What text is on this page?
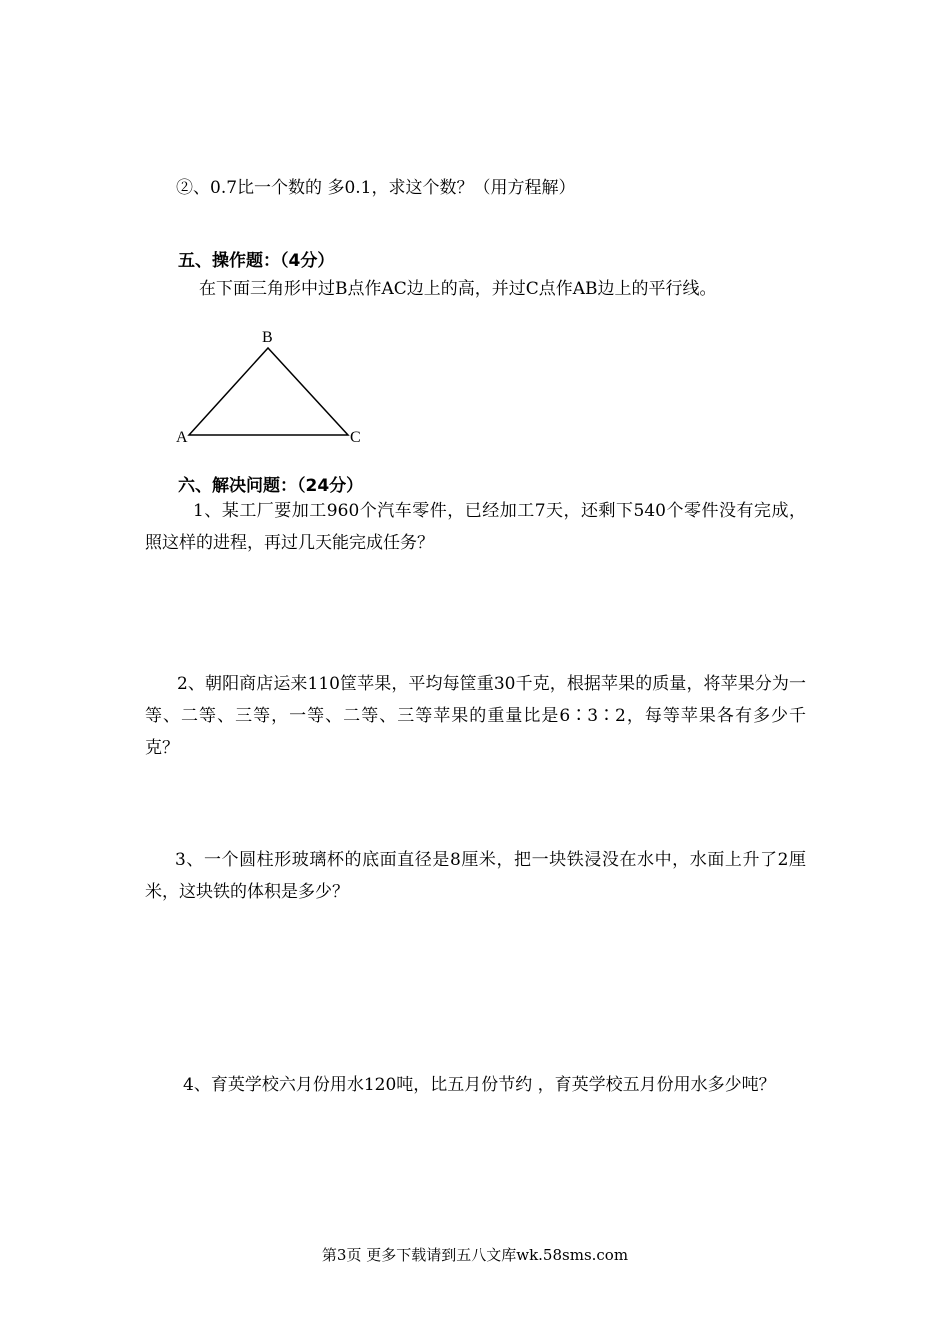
②、0.7比一个数的 多0.1，求这个数？（用方程解）
五、操作题：（4分）
在下面三角形中过B点作AC边上的高，并过C点作AB边上的平行线。
B
A	C
六、解决问题：（24分）
1、某工厂要加工960个汽车零件，已经加工7天，还剩下540个零件没有完成，照这样的进程，再过几天能完成任务？
2、朝阳商店运来110筐苹果，平均每筐重30千克，根据苹果的质量，将苹果分为一等、二等、三等，一等、二等、三等苹果的重量比是6∶3∶2，每等苹果各有多少千克？
3、一个圆柱形玻璃杯的底面直径是8厘米，把一块铁浸没在水中，水面上升了2厘米，这块铁的体积是多少？
4、育英学校六月份用水120吨，比五月份节约 ，育英学校五月份用水多少吨？
第3页 更多下载请到五八文库wk.58sms.com
